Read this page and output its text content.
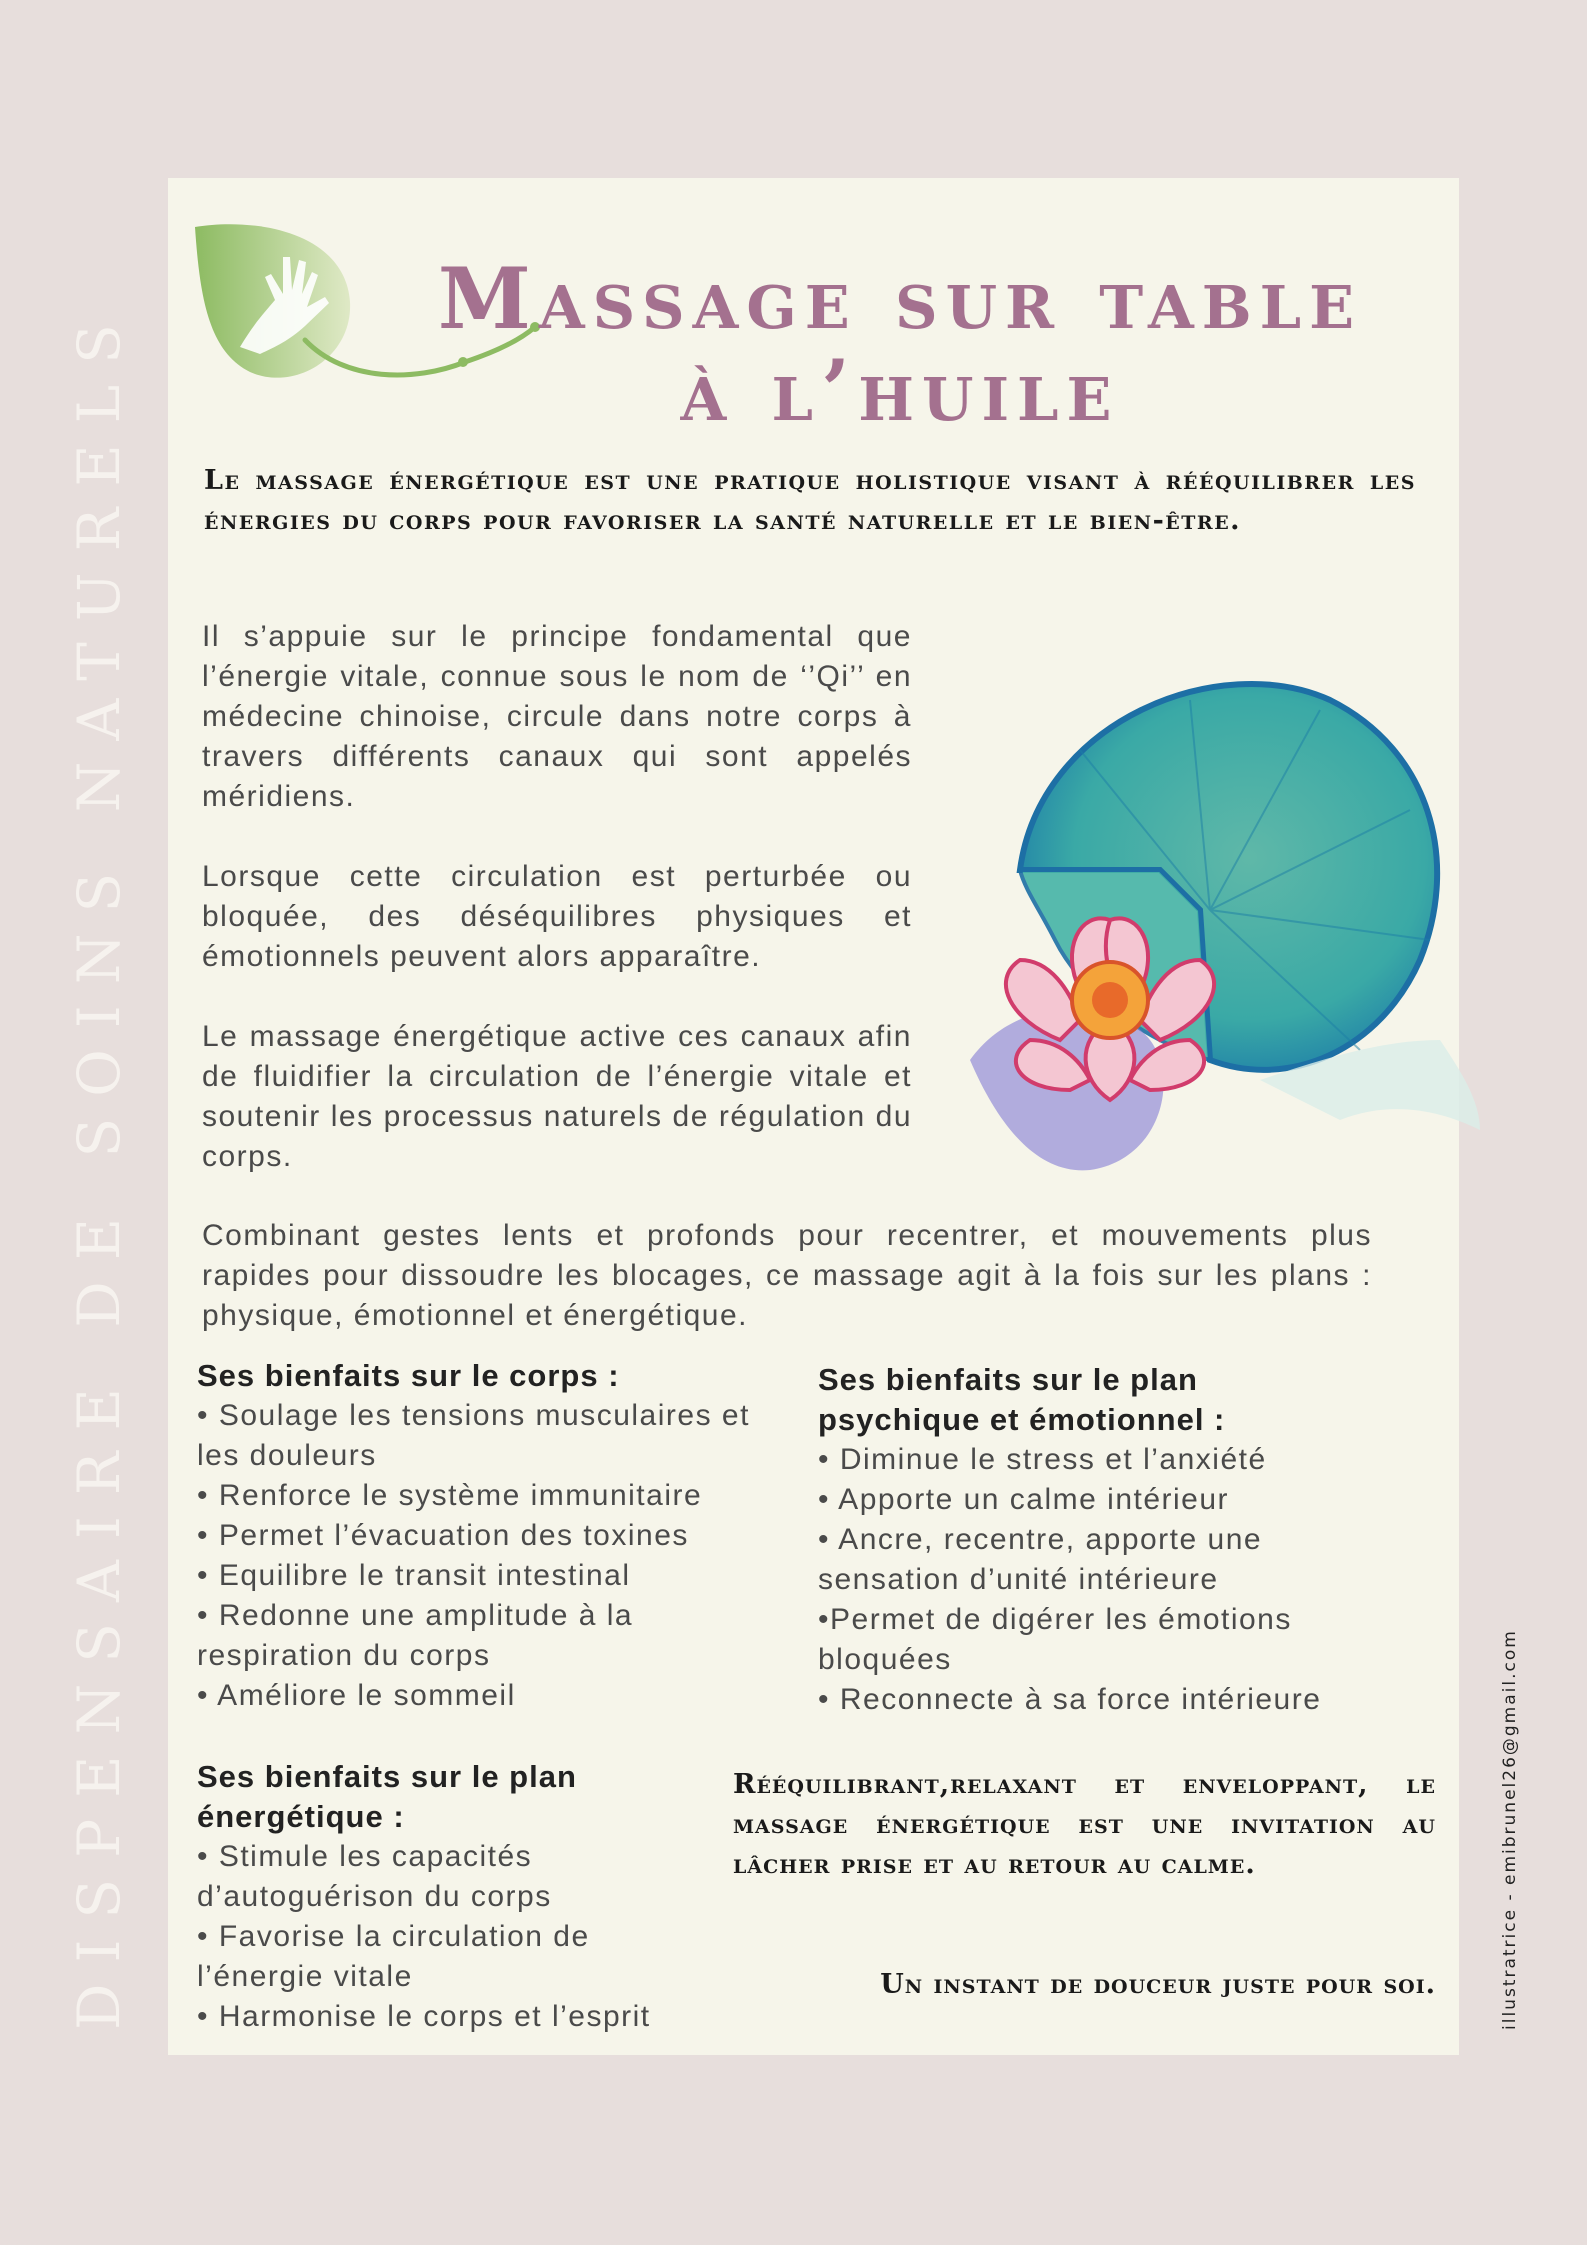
DISPENSAIRE DE SOINS NATURELS	illustratrice - emibrunel26@gmail.com
Massage sur table
à l’huile
Le massage énergétique est une pratique holistique visant à rééquilibrer les énergies du corps pour favoriser la santé naturelle et le bien-être.

Il s’appuie sur le principe fondamental que l’énergie vitale, connue sous le nom de ‘’Qi’’ en médecine chinoise, circule dans notre corps à travers différents canaux qui sont appelés méridiens.

Lorsque cette circulation est perturbée ou bloquée, des déséquilibres physiques et émotionnels peuvent alors apparaître.

Le massage énergétique active ces canaux afin de fluidifier la circulation de l’énergie vitale et soutenir les processus naturels de régulation du corps.

Combinant gestes lents et profonds pour recentrer, et mouvements plus rapides pour dissoudre les blocages, ce massage agit à la fois sur les plans : physique, émotionnel et énergétique.

Ses bienfaits sur le corps :
• Soulage les tensions musculaires et les douleurs
• Renforce le système immunitaire
• Permet l’évacuation des toxines
• Equilibre le transit intestinal
• Redonne une amplitude à la respiration du corps
• Améliore le sommeil
Ses bienfaits sur le plan psychique et émotionnel :
• Diminue le stress et l’anxiété
• Apporte un calme intérieur
• Ancre, recentre, apporte une sensation d’unité intérieure
•Permet de digérer les émotions bloquées
• Reconnecte à sa force intérieure
Ses bienfaits sur le plan énergétique :
• Stimule les capacités d’autoguérison du corps
• Favorise la circulation de l’énergie vitale
• Harmonise le corps et l’esprit
Rééquilibrant,relaxant et enveloppant, le massage énergétique est une invitation au lâcher prise et au retour au calme.
Un instant de douceur juste pour soi.
